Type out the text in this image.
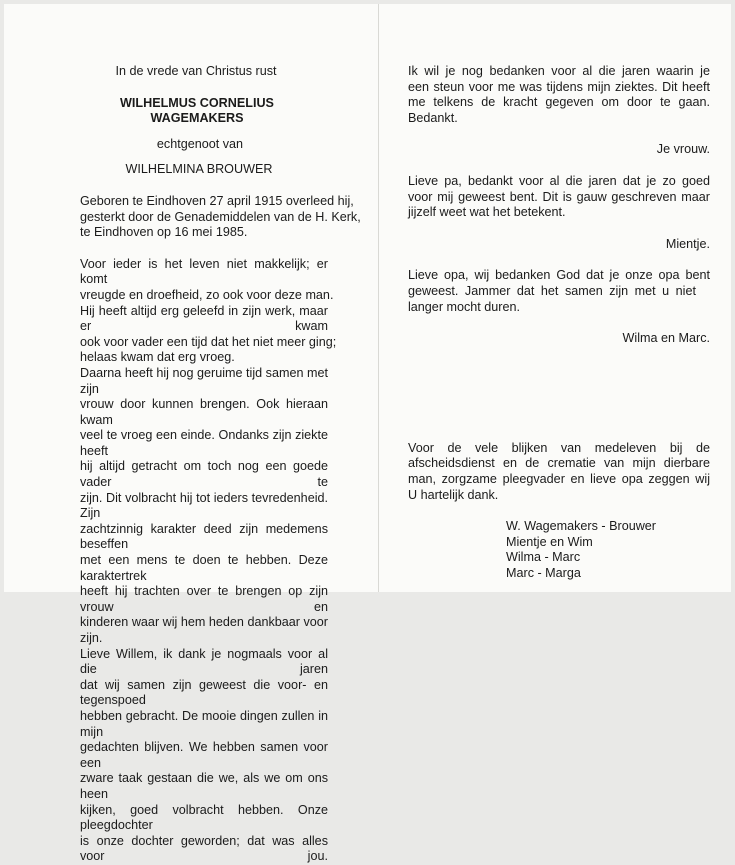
In de vrede van Christus rust
WILHELMUS CORNELIUS
WAGEMAKERS
echtgenoot van
WILHELMINA BROUWER
Geboren te Eindhoven 27 april 1915 overleed hij,
gesterkt door de Genademiddelen van de H. Kerk,
te Eindhoven op 16 mei 1985.
Voor ieder is het leven niet makkelijk; er komt
vreugde en droefheid, zo ook voor deze man.
Hij heeft altijd erg geleefd in zijn werk, maar er kwam
ook voor vader een tijd dat het niet meer ging;
helaas kwam dat erg vroeg.
Daarna heeft hij nog geruime tijd samen met zijn
vrouw door kunnen brengen. Ook hieraan kwam
veel te vroeg een einde. Ondanks zijn ziekte heeft
hij altijd getracht om toch nog een goede vader te
zijn. Dit volbracht hij tot ieders tevredenheid. Zijn
zachtzinnig karakter deed zijn medemens beseffen
met een mens te doen te hebben. Deze karaktertrek
heeft hij trachten over te brengen op zijn vrouw en
kinderen waar wij hem heden dankbaar voor zijn.
Lieve Willem, ik dank je nogmaals voor al die jaren
dat wij samen zijn geweest die voor- en tegenspoed
hebben gebracht. De mooie dingen zullen in mijn
gedachten blijven. We hebben samen voor een
zware taak gestaan die we, als we om ons heen
kijken, goed volbracht hebben. Onze pleegdochter
is onze dochter geworden; dat was alles voor jou.
Ik wil je nog bedanken voor al die jaren waarin je
een steun voor me was tijdens mijn ziektes. Dit heeft
me telkens de kracht gegeven om door te gaan.
Bedankt.
Je vrouw.
Lieve pa, bedankt voor al die jaren dat je zo goed
voor mij geweest bent. Dit is gauw geschreven maar
jijzelf weet wat het betekent.
Mientje.
Lieve opa, wij bedanken God dat je onze opa bent
geweest. Jammer dat het samen zijn met u niet
langer mocht duren.
Wilma en Marc.
Voor de vele blijken van medeleven bij de
afscheidsdienst en de crematie van mijn dierbare
man, zorgzame pleegvader en lieve opa zeggen wij
U hartelijk dank.
W. Wagemakers - Brouwer
Mientje en Wim
Wilma - Marc
Marc - Marga
